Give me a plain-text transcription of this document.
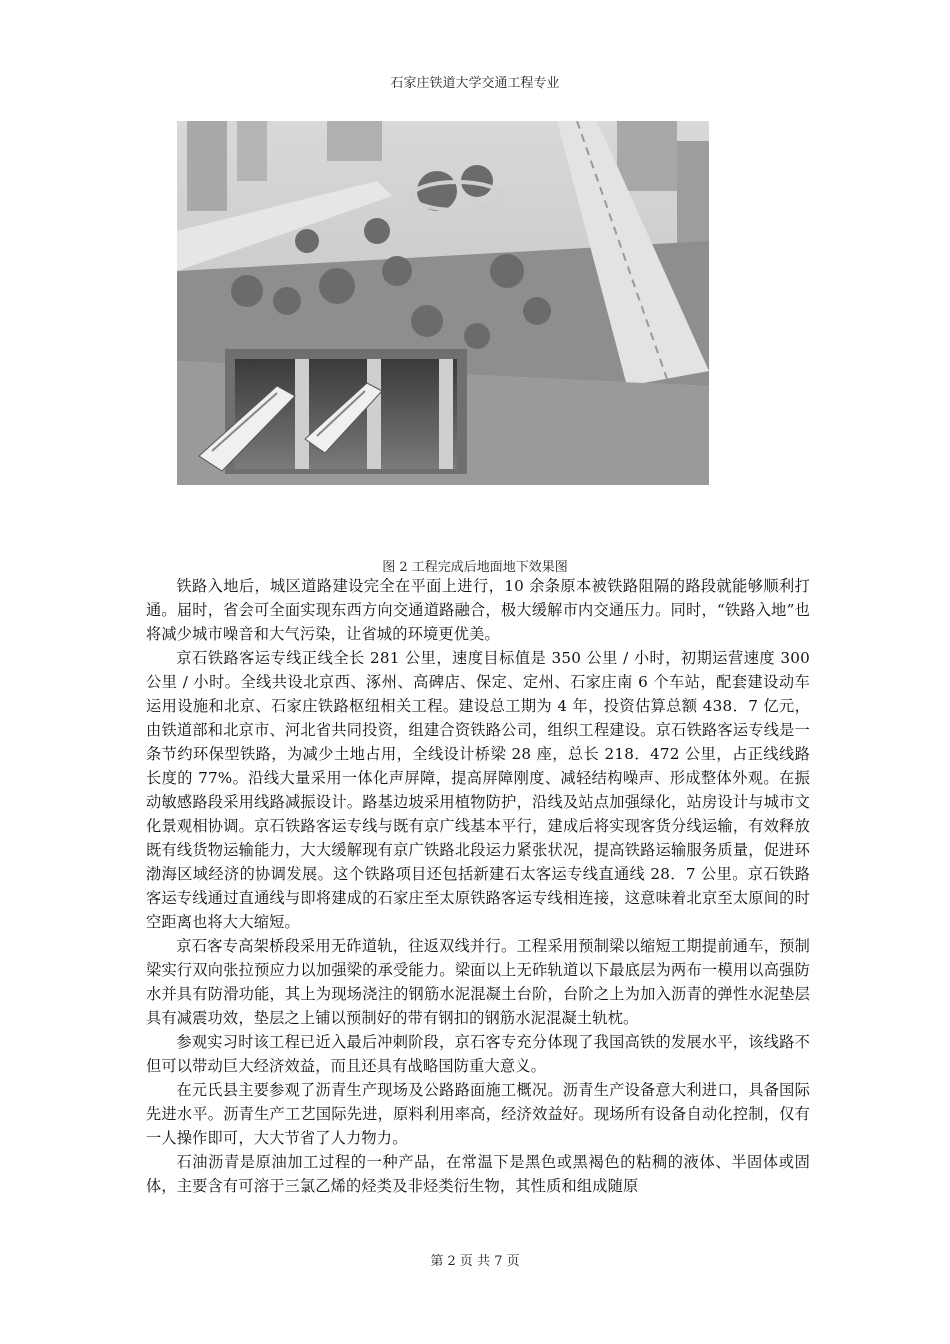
石家庄铁道大学交通工程专业
图 2 工程完成后地面地下效果图

铁路入地后，城区道路建设完全在平面上进行，10 余条原本被铁路阻隔的路段就能够顺利打通。届时，省会可全面实现东西方向交通道路融合，极大缓解市内交通压力。同时，“铁路入地”也将减少城市噪音和大气污染，让省城的环境更优美。

京石铁路客运专线正线全长 281 公里，速度目标值是 350 公里 / 小时，初期运营速度 300 公里 / 小时。全线共设北京西、涿州、高碑店、保定、定州、石家庄南 6 个车站，配套建设动车运用设施和北京、石家庄铁路枢纽相关工程。建设总工期为 4 年，投资估算总额 438．7 亿元，由铁道部和北京市、河北省共同投资，组建合资铁路公司，组织工程建设。京石铁路客运专线是一条节约环保型铁路，为减少土地占用，全线设计桥梁 28 座，总长 218．472 公里，占正线线路长度的 77%。沿线大量采用一体化声屏障，提高屏障刚度、减轻结构噪声、形成整体外观。在振动敏感路段采用线路减振设计。路基边坡采用植物防护，沿线及站点加强绿化，站房设计与城市文化景观相协调。京石铁路客运专线与既有京广线基本平行，建成后将实现客货分线运输，有效释放既有线货物运输能力，大大缓解现有京广铁路北段运力紧张状况，提高铁路运输服务质量，促进环渤海区域经济的协调发展。这个铁路项目还包括新建石太客运专线直通线 28．7 公里。京石铁路客运专线通过直通线与即将建成的石家庄至太原铁路客运专线相连接，这意味着北京至太原间的时空距离也将大大缩短。

京石客专高架桥段采用无砟道轨，往返双线并行。工程采用预制梁以缩短工期提前通车，预制梁实行双向张拉预应力以加强梁的承受能力。梁面以上无砟轨道以下最底层为两布一模用以高强防水并具有防滑功能，其上为现场浇注的钢筋水泥混凝土台阶，台阶之上为加入沥青的弹性水泥垫层具有减震功效，垫层之上铺以预制好的带有钢扣的钢筋水泥混凝土轨枕。

参观实习时该工程已近入最后冲刺阶段，京石客专充分体现了我国高铁的发展水平，该线路不但可以带动巨大经济效益，而且还具有战略国防重大意义。

在元氏县主要参观了沥青生产现场及公路路面施工概况。沥青生产设备意大利进口，具备国际先进水平。沥青生产工艺国际先进，原料利用率高，经济效益好。现场所有设备自动化控制，仅有一人操作即可，大大节省了人力物力。

石油沥青是原油加工过程的一种产品，在常温下是黑色或黑褐色的粘稠的液体、半固体或固体，主要含有可溶于三氯乙烯的烃类及非烃类衍生物，其性质和组成随原

第 2 页 共 7 页
